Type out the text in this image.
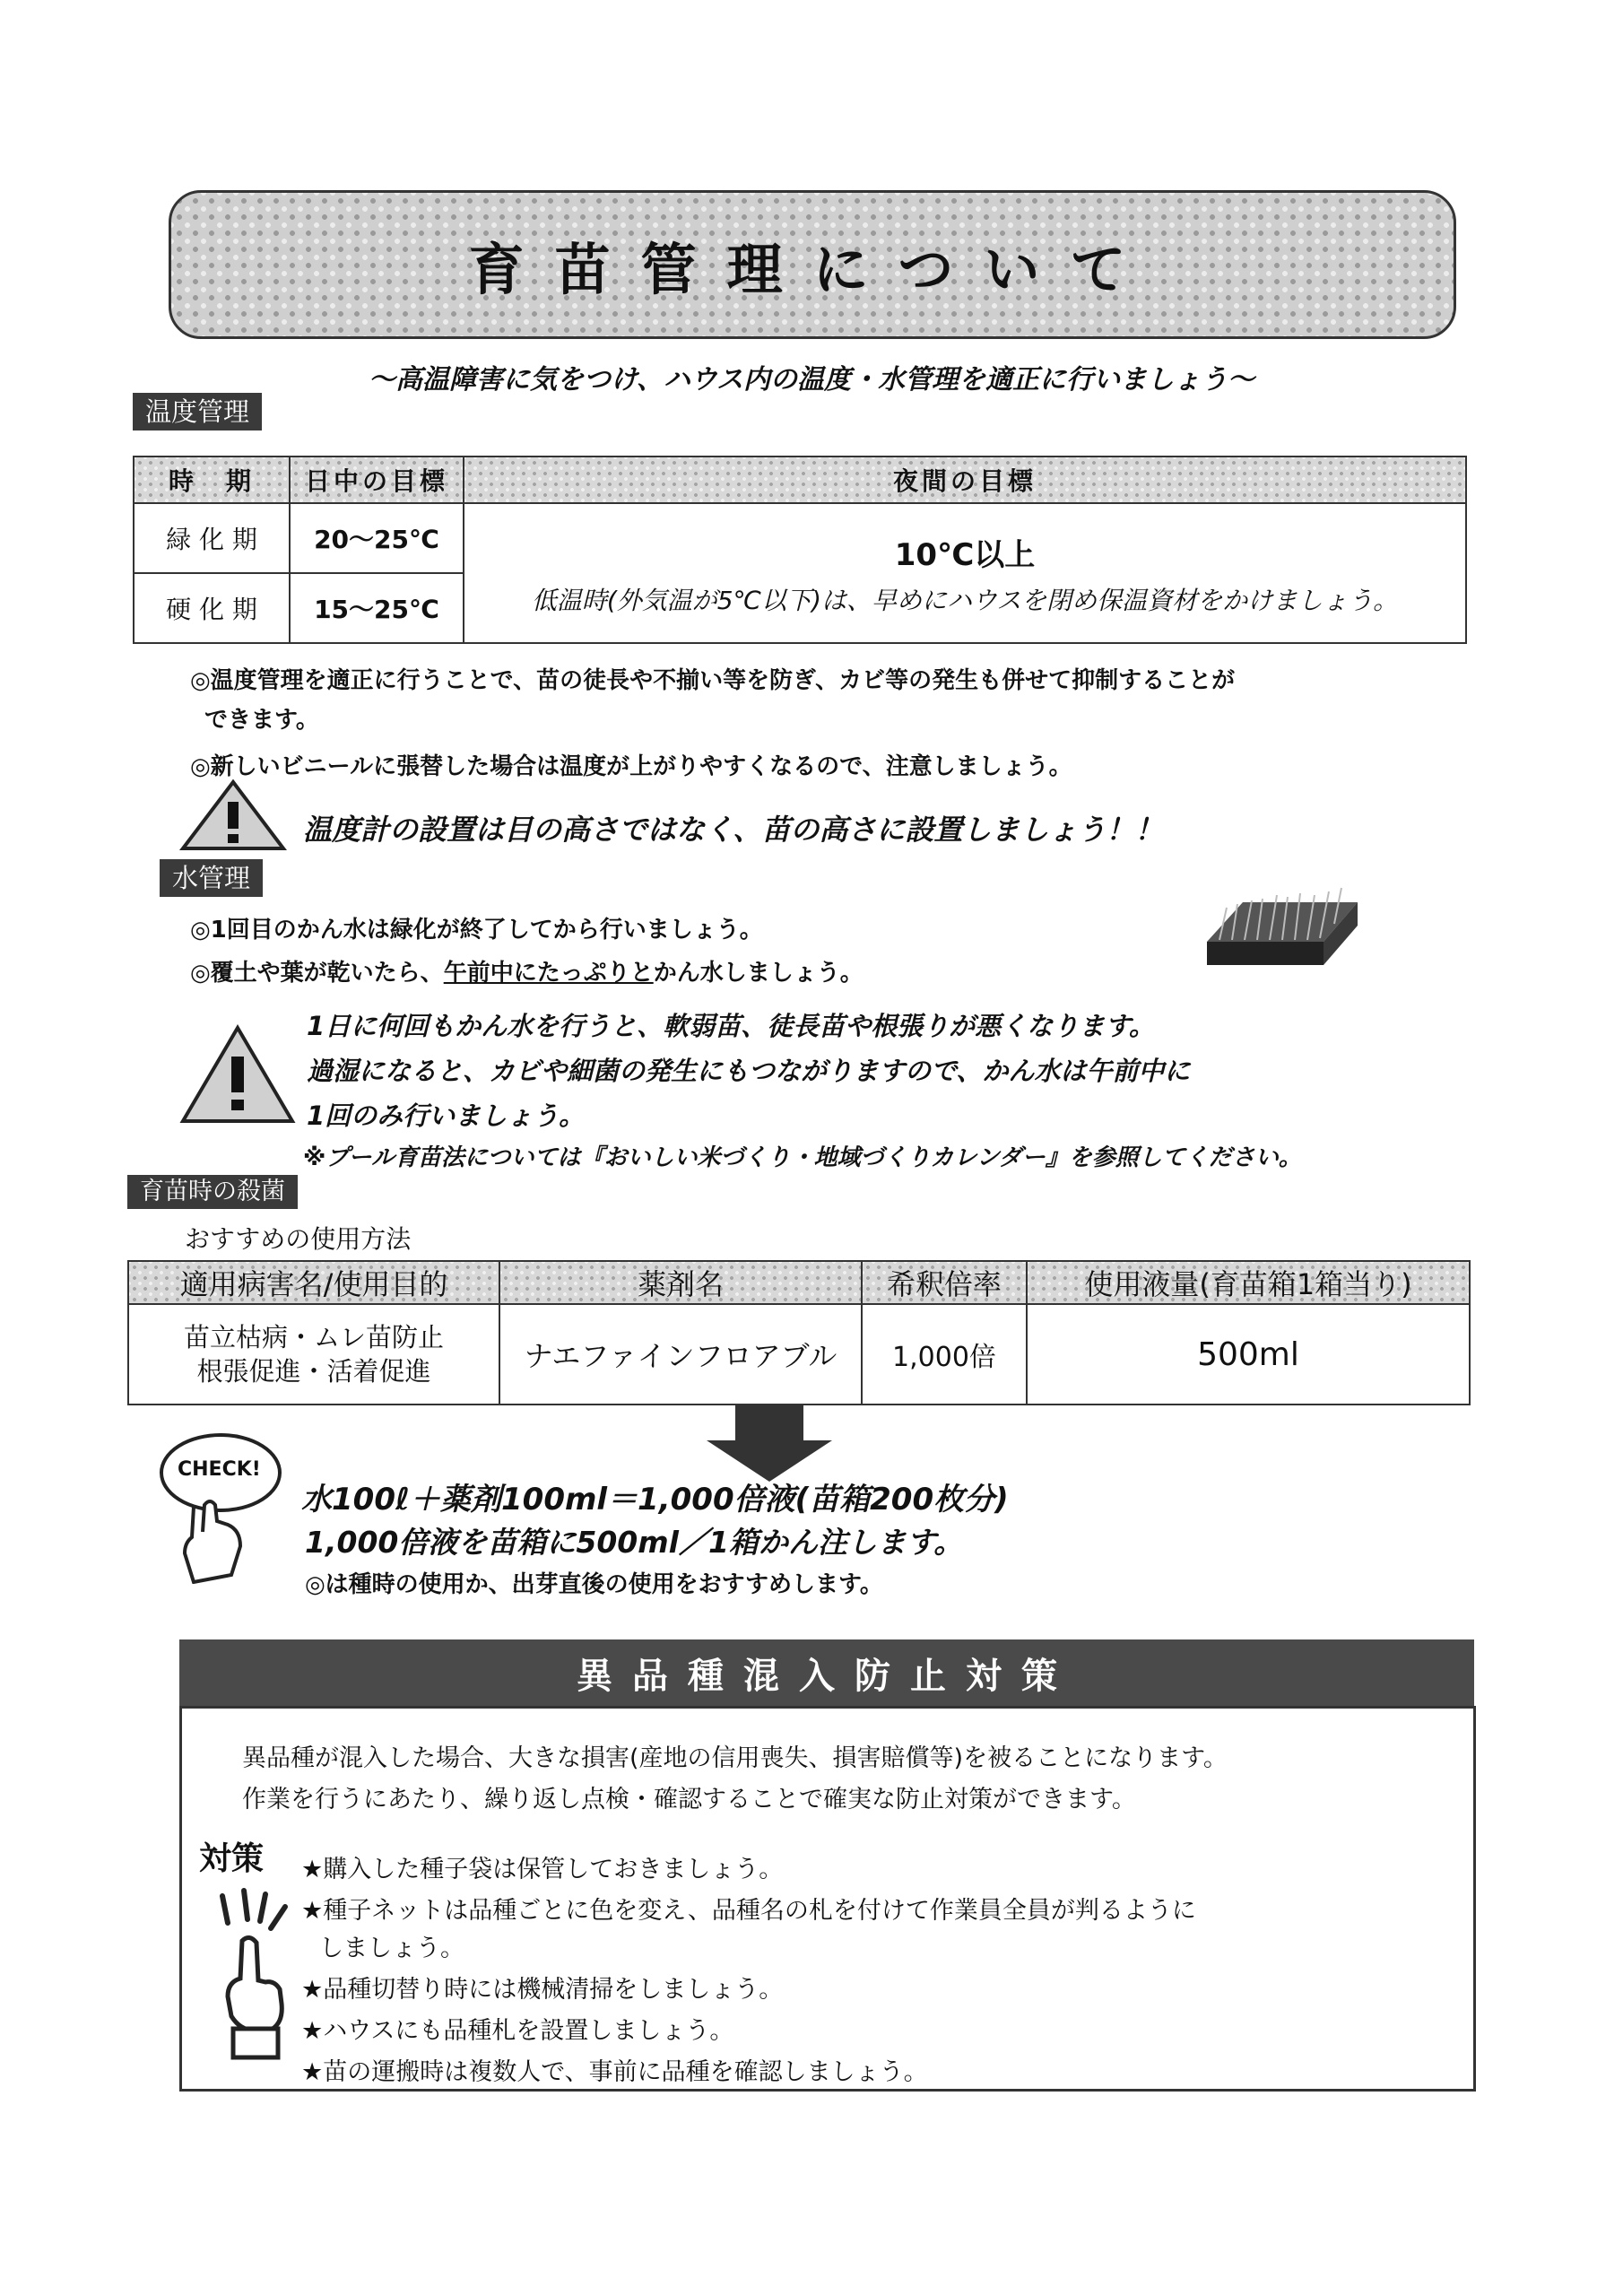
育苗管理について
～高温障害に気をつけ、ハウス内の温度・水管理を適正に行いましょう～
温度管理
時　期	日中の目標	夜間の目標
緑 化 期	20～25℃	10℃以上
低温時(外気温が5℃以下)は、早めにハウスを閉め保温資材をかけましょう。

硬 化 期	15～25℃	
◎温度管理を適正に行うことで、苗の徒長や不揃い等を防ぎ、カビ等の発生も併せて抑制することが
できます。
◎新しいビニールに張替した場合は温度が上がりやすくなるので、注意しましょう。
温度計の設置は目の高さではなく、苗の高さに設置しましょう！！
水管理
◎1回目のかん水は緑化が終了してから行いましょう。
◎覆土や葉が乾いたら、午前中にたっぷりとかん水しましょう。
1日に何回もかん水を行うと、軟弱苗、徒長苗や根張りが悪くなります。
過湿になると、カビや細菌の発生にもつながりますので、かん水は午前中に
1回のみ行いましょう。
※プール育苗法については『おいしい米づくり・地域づくりカレンダー』を参照してください。
育苗時の殺菌
おすすめの使用方法
適用病害名/使用目的	薬剤名	希釈倍率	使用液量(育苗箱1箱当り)

苗立枯病・ムレ苗防止
根張促進・活着促進	ナエファインフロアブル	1,000倍	500ml
CHECK!
水100ℓ＋薬剤100ml＝1,000倍液(苗箱200枚分)
1,000倍液を苗箱に500ml／1箱かん注します。
◎は種時の使用か、出芽直後の使用をおすすめします。
異品種混入防止対策
異品種が混入した場合、大きな損害(産地の信用喪失、損害賠償等)を被ることになります。
作業を行うにあたり、繰り返し点検・確認することで確実な防止対策ができます。
対策 ★購入した種子袋は保管しておきましょう。
★種子ネットは品種ごとに色を変え、品種名の札を付けて作業員全員が判るように
しましょう。
★品種切替り時には機械清掃をしましょう。
★ハウスにも品種札を設置しましょう。
★苗の運搬時は複数人で、事前に品種を確認しましょう。
